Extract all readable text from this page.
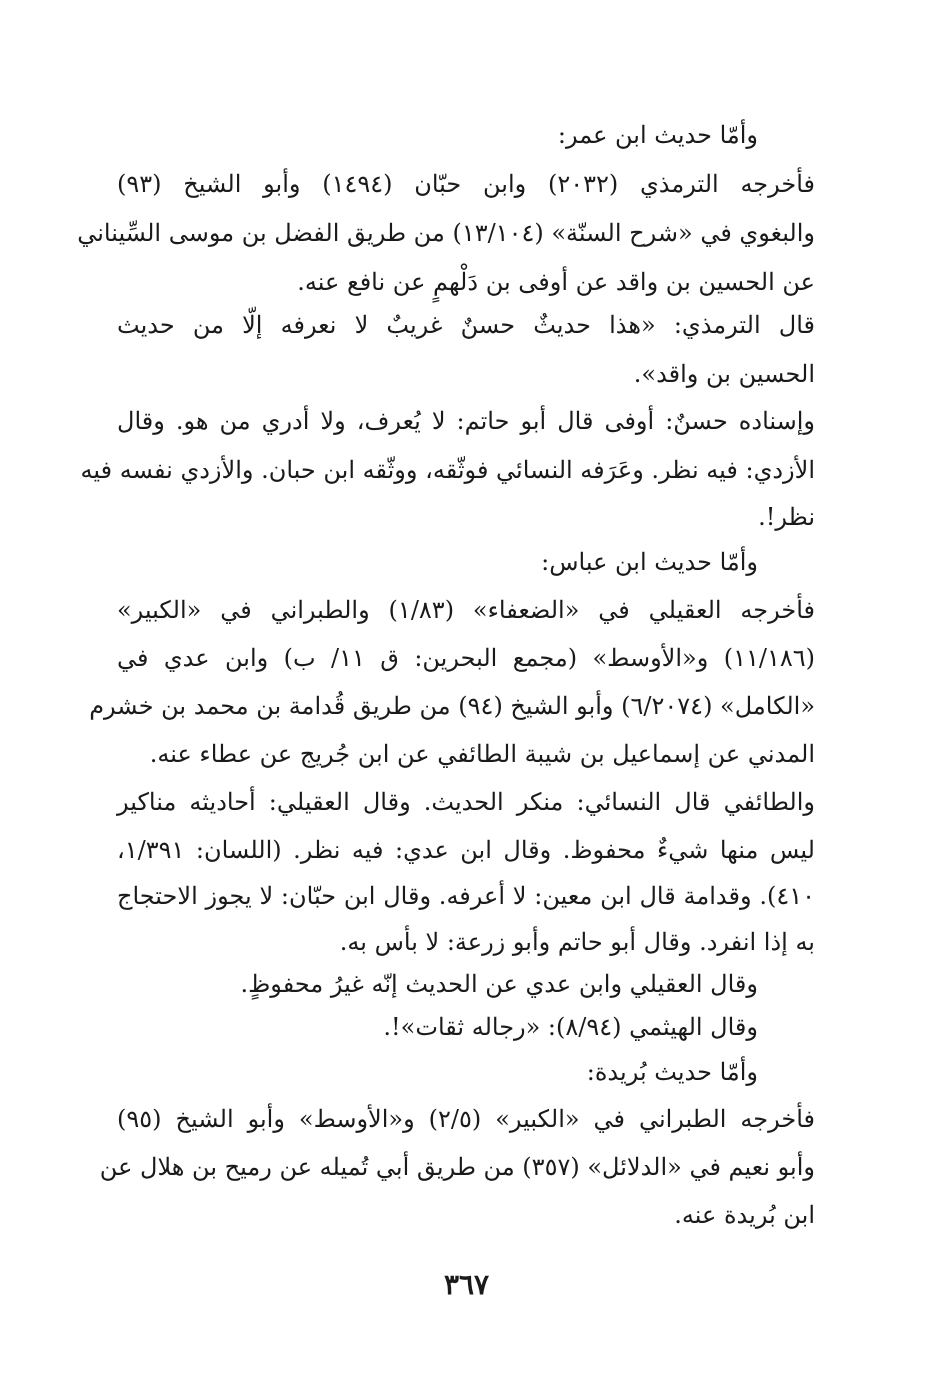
وأمّا حديث ابن عمر:
فأخرجه الترمذي (٢٠٣٢) وابن حبّان (١٤٩٤) وأبو الشيخ (٩٣)
والبغوي في «شرح السنّة» (١٣/١٠٤) من طريق الفضل بن موسى السِّيناني
عن الحسين بن واقد عن أوفى بن دَلْهمٍ عن نافع عنه.
قال الترمذي: «هذا حديثٌ حسنٌ غريبٌ لا نعرفه إلّا من حديث
الحسين بن واقد».
وإسناده حسنٌ: أوفى قال أبو حاتم: لا يُعرف، ولا أدري من هو. وقال
الأزدي: فيه نظر. وعَرَفه النسائي فوثّقه، ووثّقه ابن حبان. والأزدي نفسه فيه
نظر!.
وأمّا حديث ابن عباس:
فأخرجه العقيلي في «الضعفاء» (١/٨٣) والطبراني في «الكبير»
(١١/١٨٦) و«الأوسط» (مجمع البحرين: ق ١١/ ب) وابن عدي في
«الكامل» (٦/٢٠٧٤) وأبو الشيخ (٩٤) من طريق قُدامة بن محمد بن خشرم
المدني عن إسماعيل بن شيبة الطائفي عن ابن جُريج عن عطاء عنه.
والطائفي قال النسائي: منكر الحديث. وقال العقيلي: أحاديثه مناكير
ليس منها شيءٌ محفوظ. وقال ابن عدي: فيه نظر. (اللسان: ١/٣٩١،
٤١٠). وقدامة قال ابن معين: لا أعرفه. وقال ابن حبّان: لا يجوز الاحتجاج
به إذا انفرد. وقال أبو حاتم وأبو زرعة: لا بأس به.
وقال العقيلي وابن عدي عن الحديث إنّه غيرُ محفوظٍ.
وقال الهيثمي (٨/٩٤): «رجاله ثقات»!.
وأمّا حديث بُريدة:
فأخرجه الطبراني في «الكبير» (٢/٥) و«الأوسط» وأبو الشيخ (٩٥)
وأبو نعيم في «الدلائل» (٣٥٧) من طريق أبي تُميله عن رميح بن هلال عن
ابن بُريدة عنه.
٣٦٧
